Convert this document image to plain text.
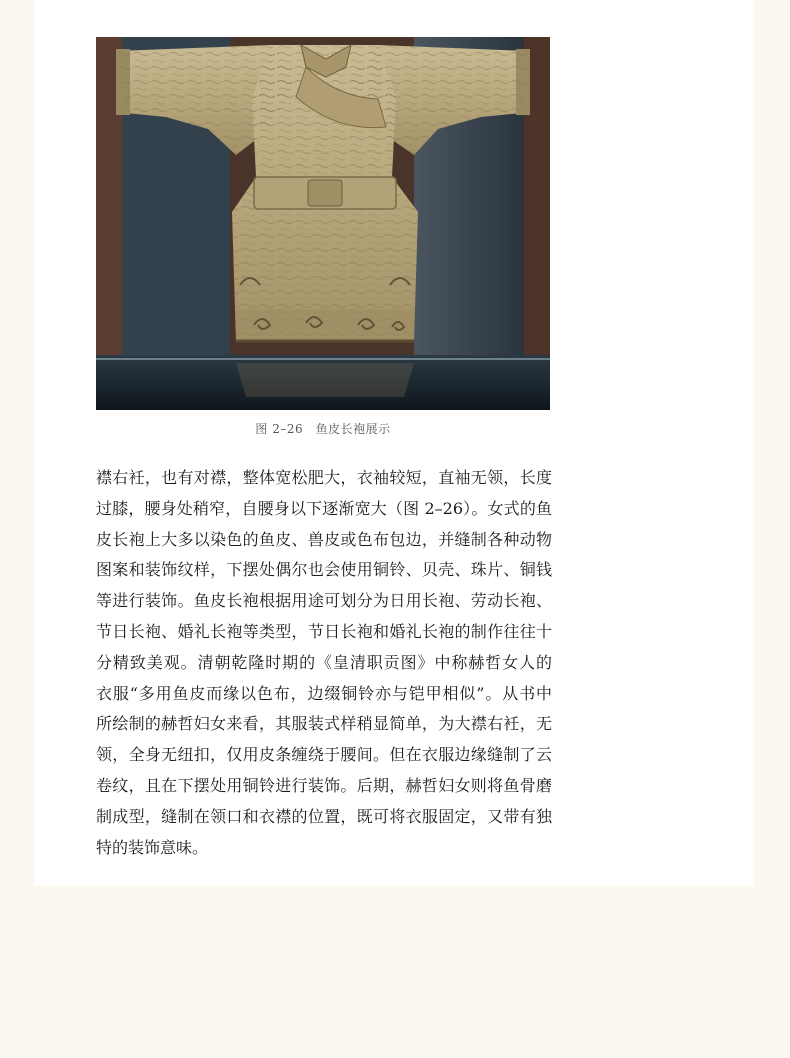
图 2–26　鱼皮长袍展示
襟右衽，也有对襟，整体宽松肥大，衣袖较短，直袖无领，长度
过膝，腰身处稍窄，自腰身以下逐渐宽大（图 2–26）。女式的鱼
皮长袍上大多以染色的鱼皮、兽皮或色布包边，并缝制各种动物
图案和装饰纹样，下摆处偶尔也会使用铜铃、贝壳、珠片、铜钱
等进行装饰。鱼皮长袍根据用途可划分为日用长袍、劳动长袍、
节日长袍、婚礼长袍等类型，节日长袍和婚礼长袍的制作往往十
分精致美观。清朝乾隆时期的《皇清职贡图》中称赫哲女人的
衣服“多用鱼皮而缘以色布，边缀铜铃亦与铠甲相似”。从书中
所绘制的赫哲妇女来看，其服装式样稍显简单，为大襟右衽，无
领，全身无纽扣，仅用皮条缠绕于腰间。但在衣服边缘缝制了云
卷纹，且在下摆处用铜铃进行装饰。后期，赫哲妇女则将鱼骨磨
制成型，缝制在领口和衣襟的位置，既可将衣服固定，又带有独
特的装饰意味。
